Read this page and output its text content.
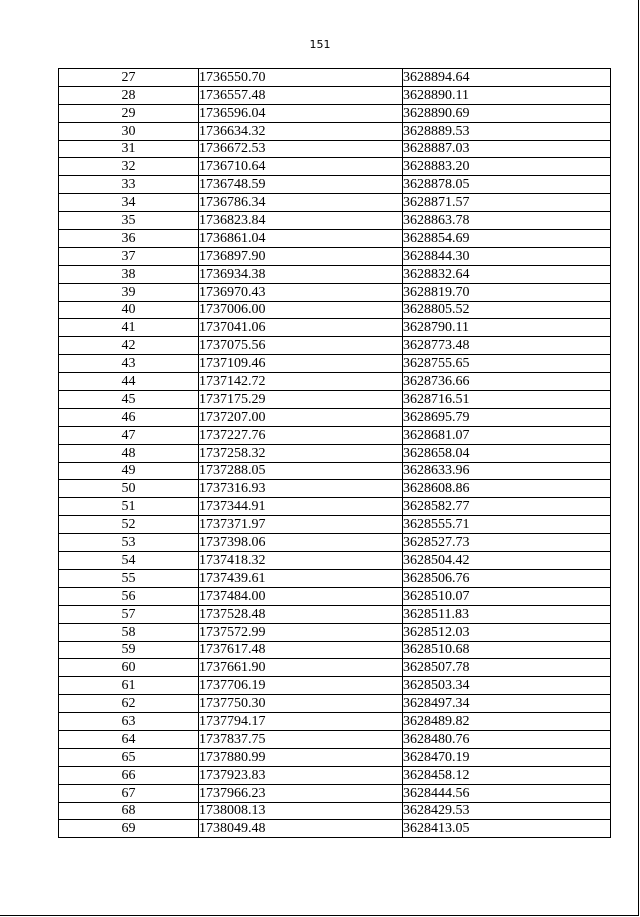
151
27	1736550.70	3628894.64
28	1736557.48	3628890.11
29	1736596.04	3628890.69
30	1736634.32	3628889.53
31	1736672.53	3628887.03
32	1736710.64	3628883.20
33	1736748.59	3628878.05
34	1736786.34	3628871.57
35	1736823.84	3628863.78
36	1736861.04	3628854.69
37	1736897.90	3628844.30
38	1736934.38	3628832.64
39	1736970.43	3628819.70
40	1737006.00	3628805.52
41	1737041.06	3628790.11
42	1737075.56	3628773.48
43	1737109.46	3628755.65
44	1737142.72	3628736.66
45	1737175.29	3628716.51
46	1737207.00	3628695.79
47	1737227.76	3628681.07
48	1737258.32	3628658.04
49	1737288.05	3628633.96
50	1737316.93	3628608.86
51	1737344.91	3628582.77
52	1737371.97	3628555.71
53	1737398.06	3628527.73
54	1737418.32	3628504.42
55	1737439.61	3628506.76
56	1737484.00	3628510.07
57	1737528.48	3628511.83
58	1737572.99	3628512.03
59	1737617.48	3628510.68
60	1737661.90	3628507.78
61	1737706.19	3628503.34
62	1737750.30	3628497.34
63	1737794.17	3628489.82
64	1737837.75	3628480.76
65	1737880.99	3628470.19
66	1737923.83	3628458.12
67	1737966.23	3628444.56
68	1738008.13	3628429.53
69	1738049.48	3628413.05
